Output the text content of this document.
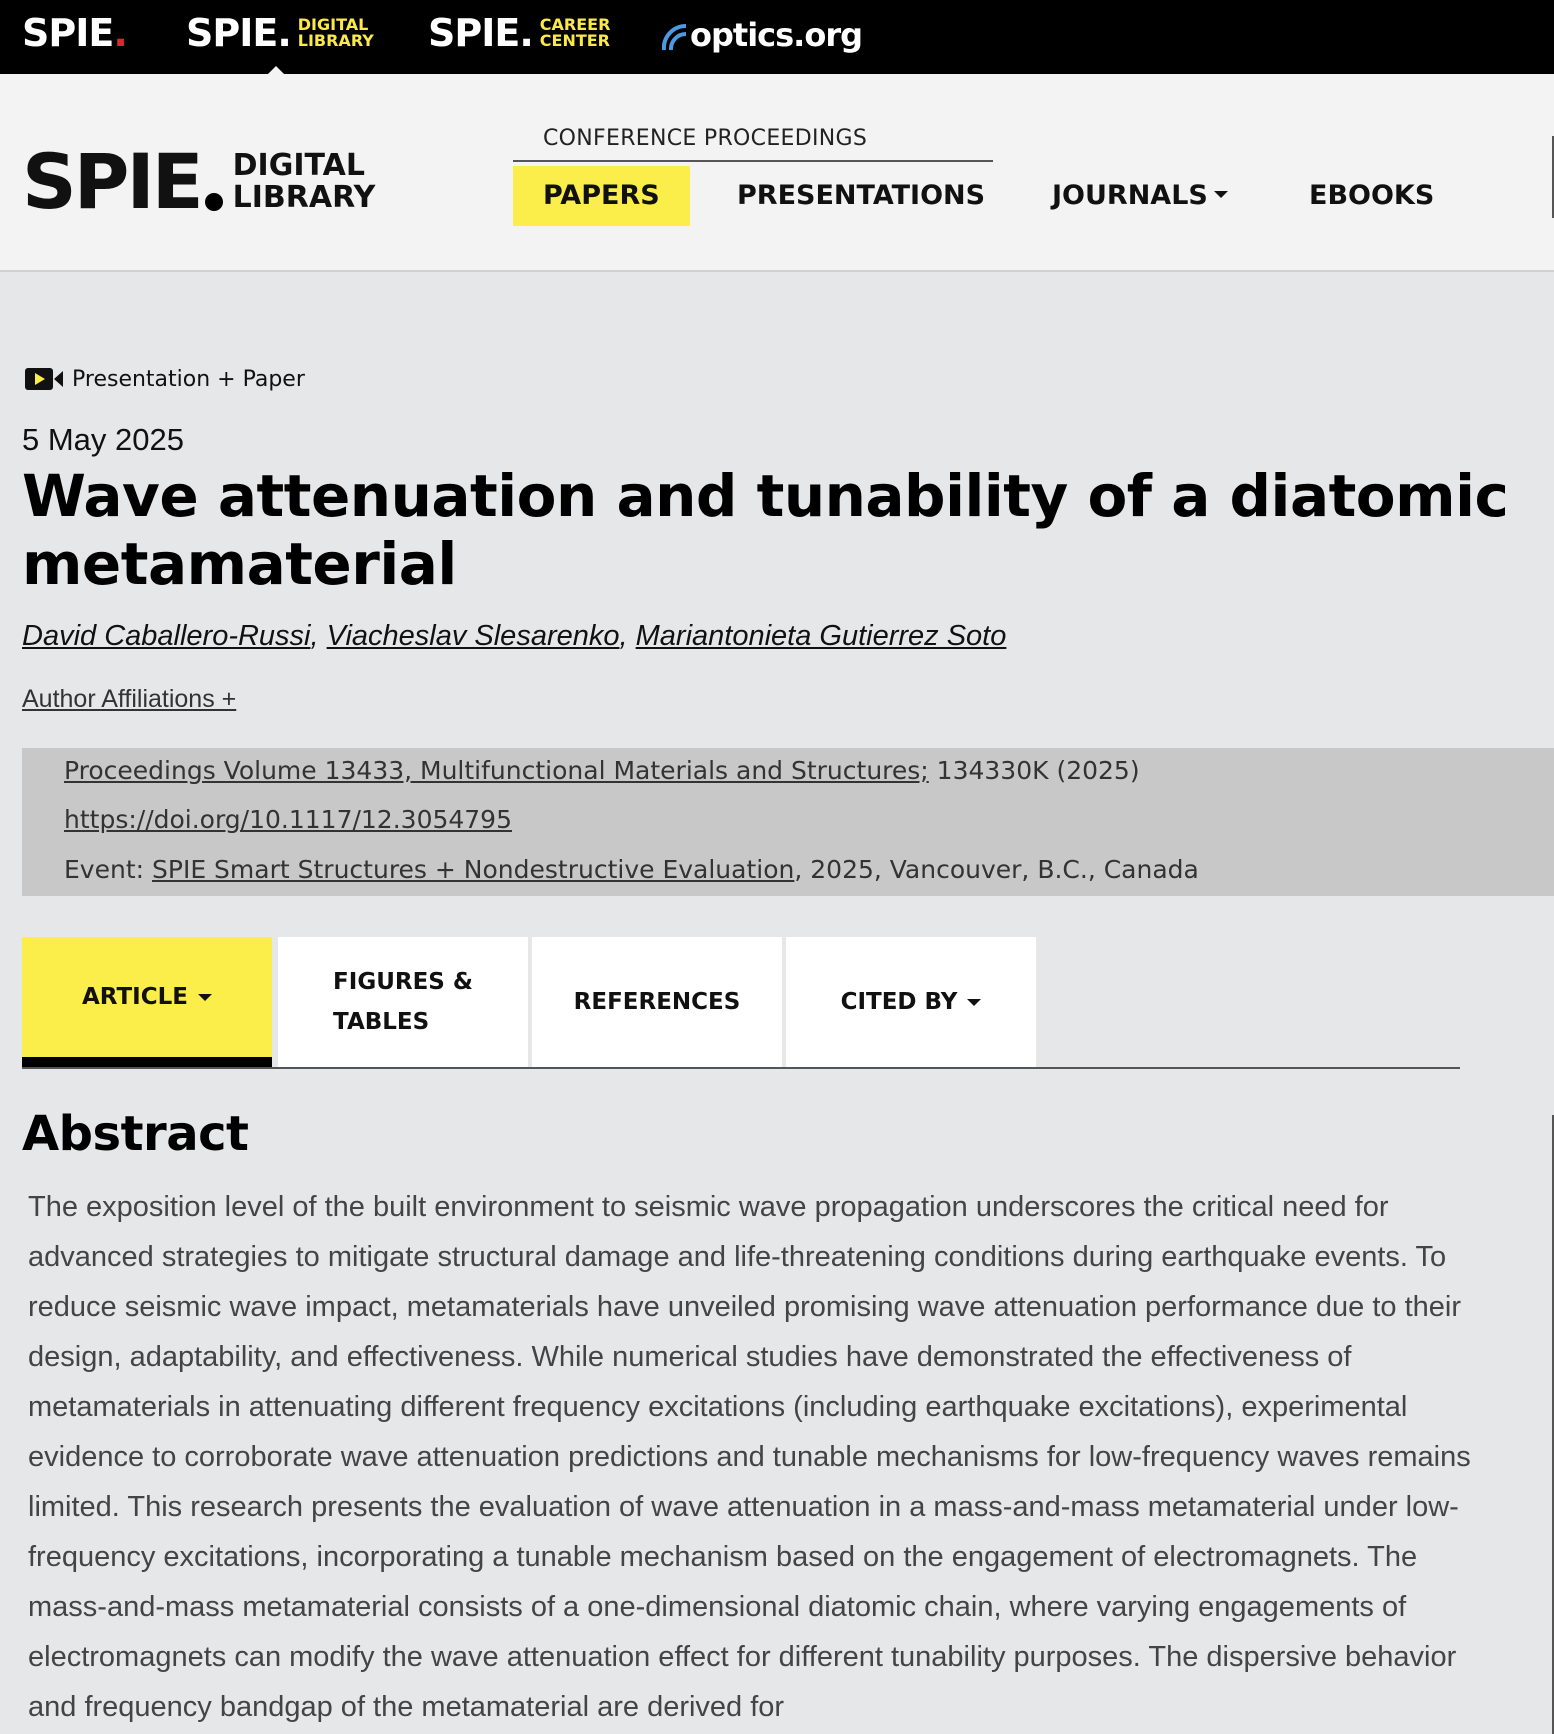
SPIE . SPIE . DIGITAL
LIBRARY SPIE . CAREER
CENTER	optics.org
SPIE DIGITAL
LIBRARY
CONFERENCE PROCEEDINGS
PAPERS	PRESENTATIONS	JOURNALS	EBOOKS
Presentation + Paper
5 May 2025
Wave attenuation and tunability of a diatomic metamaterial
David Caballero-Russi, Viacheslav Slesarenko, Mariantonieta Gutierrez Soto
Author Affiliations +
Proceedings Volume 13433, Multifunctional Materials and Structures; 134330K (2025)
https://doi.org/10.1117/12.3054795
Event: SPIE Smart Structures + Nondestructive Evaluation, 2025, Vancouver, B.C., Canada
ARTICLE
FIGURES &
TABLES
REFERENCES	CITED BY
Abstract

The exposition level of the built environment to seismic wave propagation underscores the critical need for advanced strategies to mitigate structural damage and life-threatening conditions during earthquake events. To reduce seismic wave impact, metamaterials have unveiled promising wave attenuation performance due to their design, adaptability, and effectiveness. While numerical studies have demonstrated the effectiveness of metamaterials in attenuating different frequency excitations (including earthquake excitations), experimental evidence to corroborate wave attenuation predictions and tunable mechanisms for low-frequency waves remains limited. This research presents the evaluation of wave attenuation in a mass-and-mass metamaterial under low-frequency excitations, incorporating a tunable mechanism based on the engagement of electromagnets. The mass-and-mass metamaterial consists of a one-dimensional diatomic chain, where varying engagements of electromagnets can modify the wave attenuation effect for different tunability purposes. The dispersive behavior and frequency bandgap of the metamaterial are derived for
